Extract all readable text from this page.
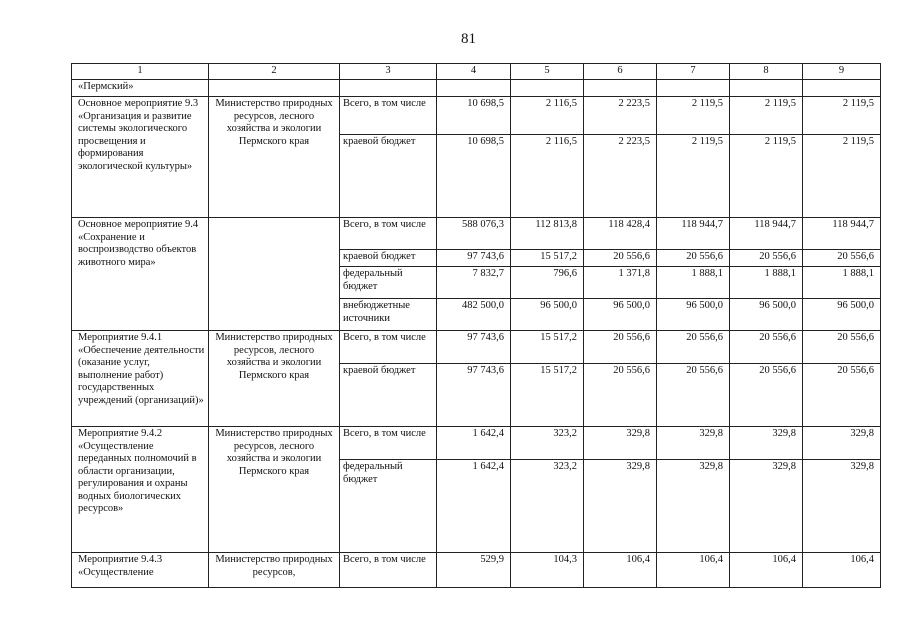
81
1	2	3	4	5	6	7	8	9
«Пермский»								
Основное мероприятие 9.3 «Организация и развитие системы экологического просвещения и формирования экологической культуры»	Министерство природных ресурсов, лесного хозяйства и экологии Пермского края	Всего, в том числе	10 698,5	2 116,5	2 223,5	2 119,5	2 119,5	2 119,5
		краевой бюджет	10 698,5	2 116,5	2 223,5	2 119,5	2 119,5	2 119,5
Основное мероприятие 9.4 «Сохранение и воспроизводство объектов животного мира»		Всего, в том числе	588 076,3	112 813,8	118 428,4	118 944,7	118 944,7	118 944,7
		краевой бюджет	97 743,6	15 517,2	20 556,6	20 556,6	20 556,6	20 556,6
		федеральный бюджет	7 832,7	796,6	1 371,8	1 888,1	1 888,1	1 888,1
		внебюджетные источники	482 500,0	96 500,0	96 500,0	96 500,0	96 500,0	96 500,0
Мероприятие 9.4.1 «Обеспечение деятельности (оказание услуг, выполнение работ) государственных учреждений (организаций)»	Министерство природных ресурсов, лесного хозяйства и экологии Пермского края	Всего, в том числе	97 743,6	15 517,2	20 556,6	20 556,6	20 556,6	20 556,6
		краевой бюджет	97 743,6	15 517,2	20 556,6	20 556,6	20 556,6	20 556,6
Мероприятие 9.4.2 «Осуществление переданных полномочий в области организации, регулирования и охраны водных биологических ресурсов»	Министерство природных ресурсов, лесного хозяйства и экологии Пермского края	Всего, в том числе	1 642,4	323,2	329,8	329,8	329,8	329,8
		федеральный бюджет	1 642,4	323,2	329,8	329,8	329,8	329,8
Мероприятие 9.4.3 «Осуществление	Министерство природных ресурсов,	Всего, в том числе	529,9	104,3	106,4	106,4	106,4	106,4
